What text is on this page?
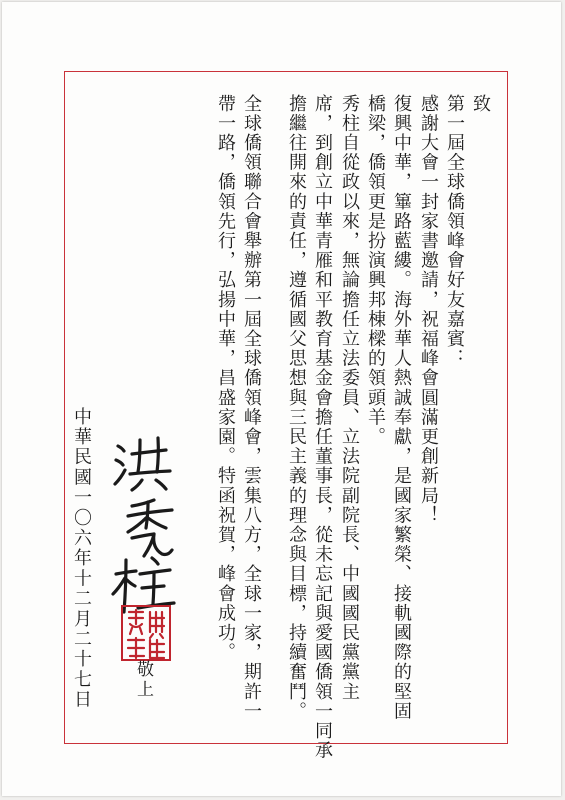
致
第一屆全球僑領峰會好友嘉賓：
感謝大會一封家書邀請，祝福峰會圓滿更創新局！
復興中華，篳路藍縷。海外華人熱誠奉獻，是國家繁榮、接軌國際的堅固
橋梁，僑領更是扮演興邦棟樑的領頭羊。
秀柱自從政以來，無論擔任立法委員、立法院副院長、中國國民黨黨主
席，到創立中華青雁和平教育基金會擔任董事長，從未忘記與愛國僑領一同承
擔繼往開來的責任，遵循國父思想與三民主義的理念與目標，持續奮鬥。
全球僑領聯合會舉辦第一屆全球僑領峰會，雲集八方，全球一家，期許一
帶一路，僑領先行，弘揚中華，昌盛家園。特函祝賀，峰會成功。
敬上
中華民國一〇六年十二月二十七日
